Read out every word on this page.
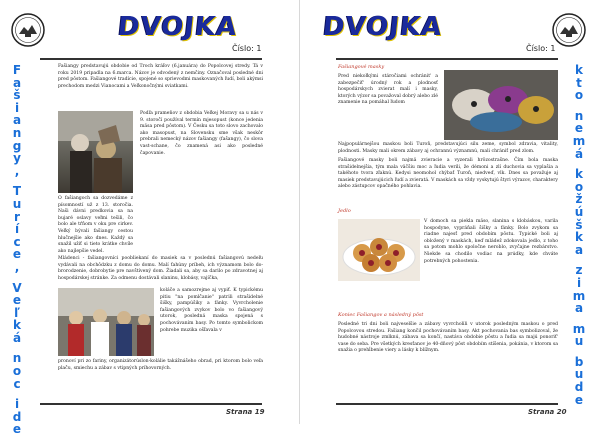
DVOJKA
Číslo: 1
F
a
š
i
a
n
g
y
,
T
u
r
í
c
e
,
V
e
ľ
k
á
n
o
c
i
d
e
Fašiangy predstavujú obdobie od Troch kráľov (6.januára) do Popolcovej stredy. Tá v roku 2019 pripadla na 6.marca. Názov je odvodený z nemčiny. Označoval posledné dni pred pôstom. Fašiangové tradície, spojené so sprievodmi maskovaných ľudí, boli akýmsi prechodom medzi Vianocami a Veľkonočnými sviatkami.
O fašiangoch sa dozvedáme z písomností už z 13. storočia. Naši dávni predkovia sa na bujaré oslavy veľmi tešili, čo bolo ale tŕňom v oku pre cirkev. Veľký bývali fašiangy cestou hlučnejšie ako dnes. Každý sa snažil užiť si tieto krátke chvíle ako najlepšie vedel.
Podľa prameňov z obdobia Veľkej Moravy sa u nás v 9. storočí používal termín mjesopust (konce jedenia mäsa pred pôstom). V Česku sa toto slovo zachovalo ako masopust, na Slovensku sme však neskôr prebrali nemecký názov fašiangy (fašangy), čo slova vast-schane, čo znamená asi ako posledné čapovanie.
Mládenci - fašiangovníci poobliekaní do masiek sa v poslednú fašiangovú nedeľu vydávali na obchôdzku z domu do domu. Malí ťahúny príbeh, ich významom bolo do-brorodzenie, dobrobytie pre navštívený dom. Žiadali sa, aby sa darilo po zdravotnej aj hospodárskej stránke. Za odmenu dostávali slaninu, klobásy, vajíčka,
koláče a samozrejme aj vypiť. K typickému pitiu "na pomlčanie" patrili strašidelné šišky, pampúšiky a fánky. Vyvrcholenie fašiangových zvykov bolo vo fašiangový utorok, posledná maska spojená s pochovávaním basy. Po tomto symbolickom pohrebe muzika ošľavala v
pronoví pri zo fariny, organizátorúslon-kolálie takážnášeho obrad, pri ktorom bolo veľa plaču, smiechu a zábav s vtipných príhovorných.
Strana 19
DVOJKA
Číslo: 1
Fašiangové masky
Pred niekoľkými stáročiami ochránit' a zabezpečiť' úrodný rok a plodnosť hospodárskych zvierat malí i masky, ktorých výzor sa považoval dobrý alebo zlé znamenie na pomáhal ľudom
Najpopulárnejšou maskou boli Turoň, predstavujúci silu zeme, symbol zdravia, vitality, plodnosti. Masky mali okrem zábavy aj ochrannú významnú, mali chrániť pred zlom.
Fašiangové masky boli najmä zvieracie a vyzerali hrôzostrašne. Čím bola maska strašidelnejšia, tým mala väčšiu moc a ľudia verili, že démoni a zlí duchovia sa vyplašia a takéhoto tvora zľaknú. Kedysi neomohol chýbať Turoň, niedveď, vlk. Dnes sa považuje aj masiek predstavujúcich ľudí a zvieratá. V maskách sa vždy vyskytujú štyri výrazov, charaktery alebo zástupcov opačného pohlavia.
Jedlo
V domoch sa piekla mäso, slanina s klobáskou, varila hospodyne, vypráňali šišky a fánky. Bolo zvykom sa riadne najesť pred obdobím pôstu. Typické boli aj obložený v maskách, keď mládež zdokovala jedlo, z toho sa potom mohlo spoločne neroblo, zvyčajne rezbárstvo. Niekde sa chodilo vodiac na prúdky, kde chváte potrebných pohostenia.
Koniec Fašiangov a následný pôst
Posledné tri dni boli najveselšie a zábavy vyvrcholili v utorok posledným maskou o pred Popolcovou stredou. Fašiang končil pochovávaním basy. Akt pochovania bas symbolizoval, že hudobné nástroje zmlknú, zábava sa končí, nastáva obdobie pôstu a ľudia sa majú ponoriť' vase do seba. Pre všetkých kresťanov je 40-dňový pôst obdobím stíšenia, pokánia, v ktorom sa snažia o prehĺbenie viery a lásky k blížnym.
k
t
o
n
e
m
á
k
o
ž
ú
š
k
a
z
i
m
a
m
u
b
u
d
e
Strana 20
